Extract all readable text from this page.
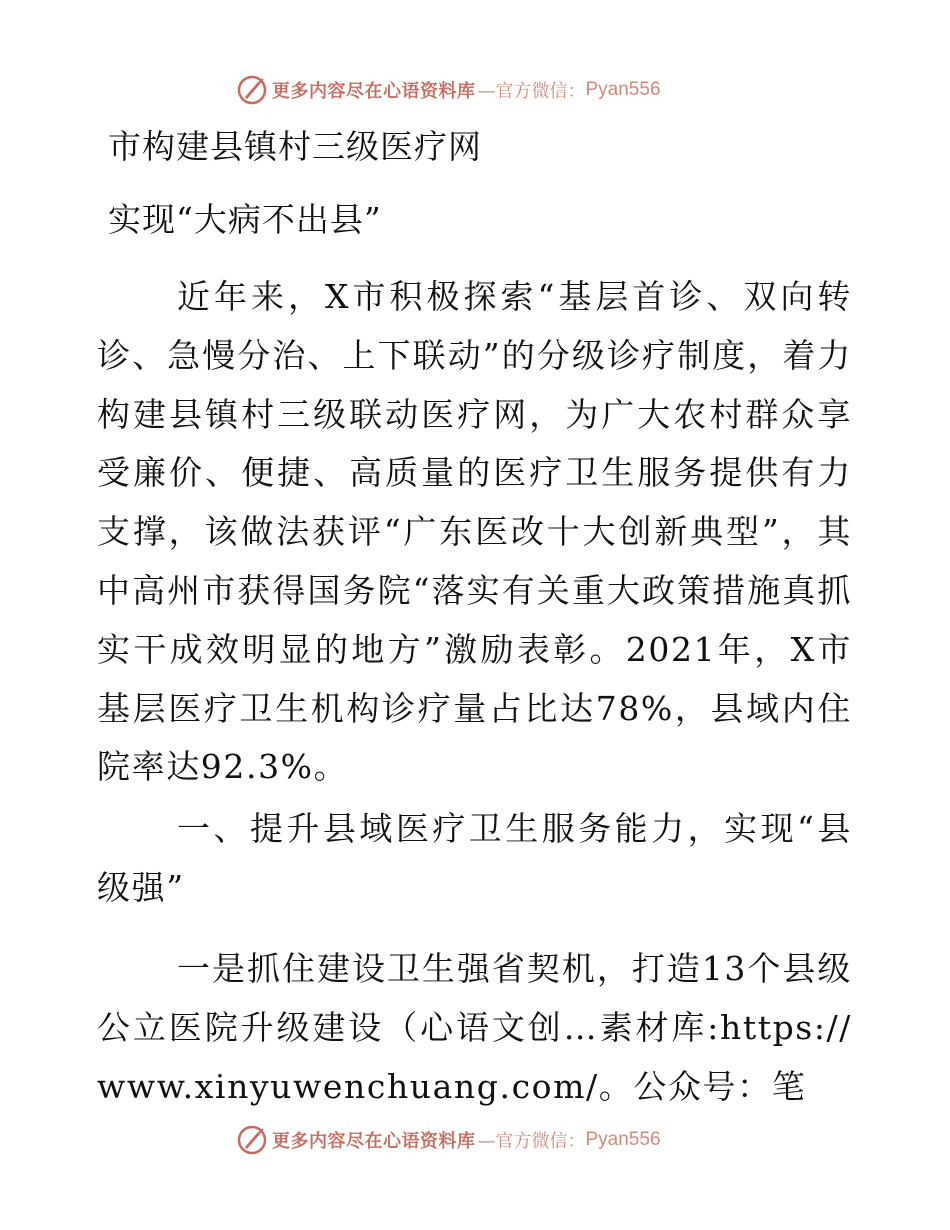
更多内容尽在心语资料库 —官方微信： Pyan556
市构建县镇村三级医疗网
实现“大病不出县”

近年来，X市积极探索“基层首诊、双向转诊、急慢分治、上下联动”的分级诊疗制度，着力构建县镇村三级联动医疗网，为广大农村群众享受廉价、便捷、高质量的医疗卫生服务提供有力支撑，该做法获评“广东医改十大创新典型”，其中高州市获得国务院“落实有关重大政策措施真抓实干成效明显的地方”激励表彰。2021年，X市基层医疗卫生机构诊疗量占比达78%，县域内住院率达92.3%。

一、提升县域医疗卫生服务能力，实现“县级强”

一是抓住建设卫生强省契机，打造13个县级公立医院升级建设（心语文创…素材库:https://www.xinyuwenchuang.com/。公众号：笔

更多内容尽在心语资料库 —官方微信： Pyan556
